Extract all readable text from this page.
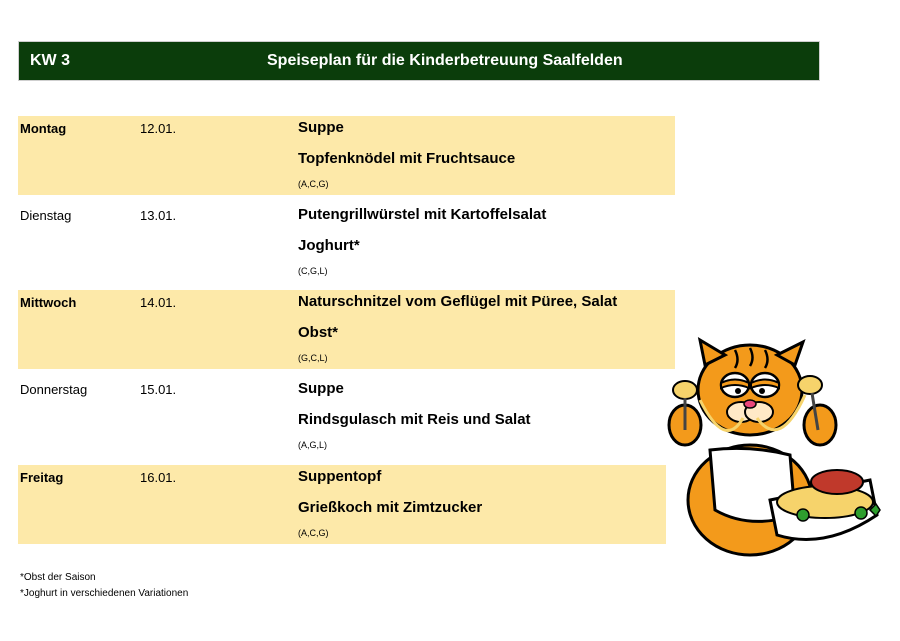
KW 3	Speiseplan für die Kinderbetreuung Saalfelden
Montag	12.01.	Suppe
Topfenknödel mit Fruchtsauce
(A,C,G)
Dienstag	13.01.	Putengrillwürstel mit Kartoffelsalat
Joghurt*
(C,G,L)
Mittwoch	14.01.	Naturschnitzel vom Geflügel mit Püree, Salat
Obst*
(G,C,L)
Donnerstag	15.01.	Suppe
Rindsgulasch mit Reis und Salat
(A,G,L)
Freitag	16.01.	Suppentopf
Grießkoch mit Zimtzucker
(A,C,G)
*Obst der Saison
*Joghurt in verschiedenen Variationen
